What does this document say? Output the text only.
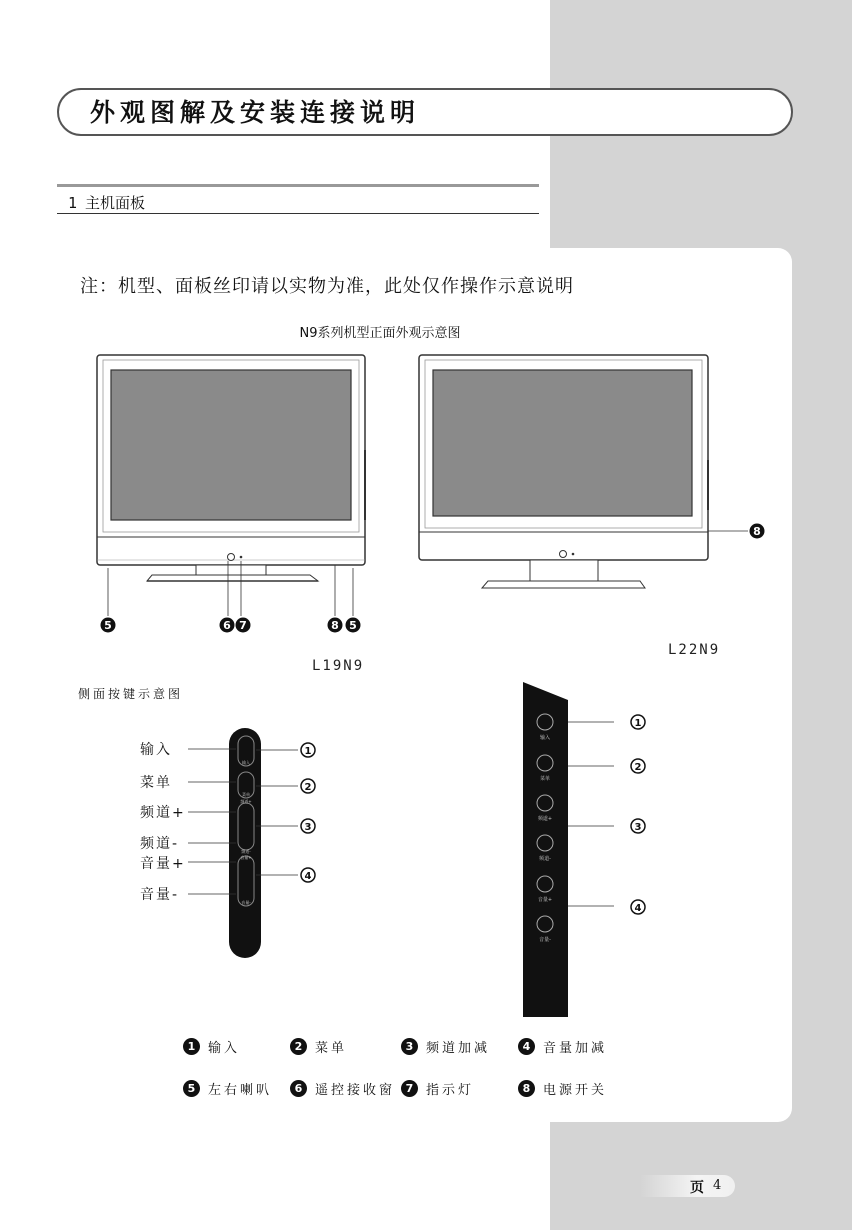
外观图解及安装连接说明
1 主机面板
注：机型、面板丝印请以实物为准，此处仅作操作示意说明
N9系列机型正面外观示意图
5	6 7	8 5
8
输入
菜单
频道+
频道-
音量+
音量-
1
2
3
4
输入
菜单
频道+
频道-
音量+
音量-
1
2
3
4
L19N9
L22N9
侧面按键示意图
输入
菜单
频道+
频道-
音量+
音量-
1 输入	2 菜单	3 频道加减	4 音量加减
5 左右喇叭	6 遥控接收窗 7 指示灯	8 电源开关
页 4
